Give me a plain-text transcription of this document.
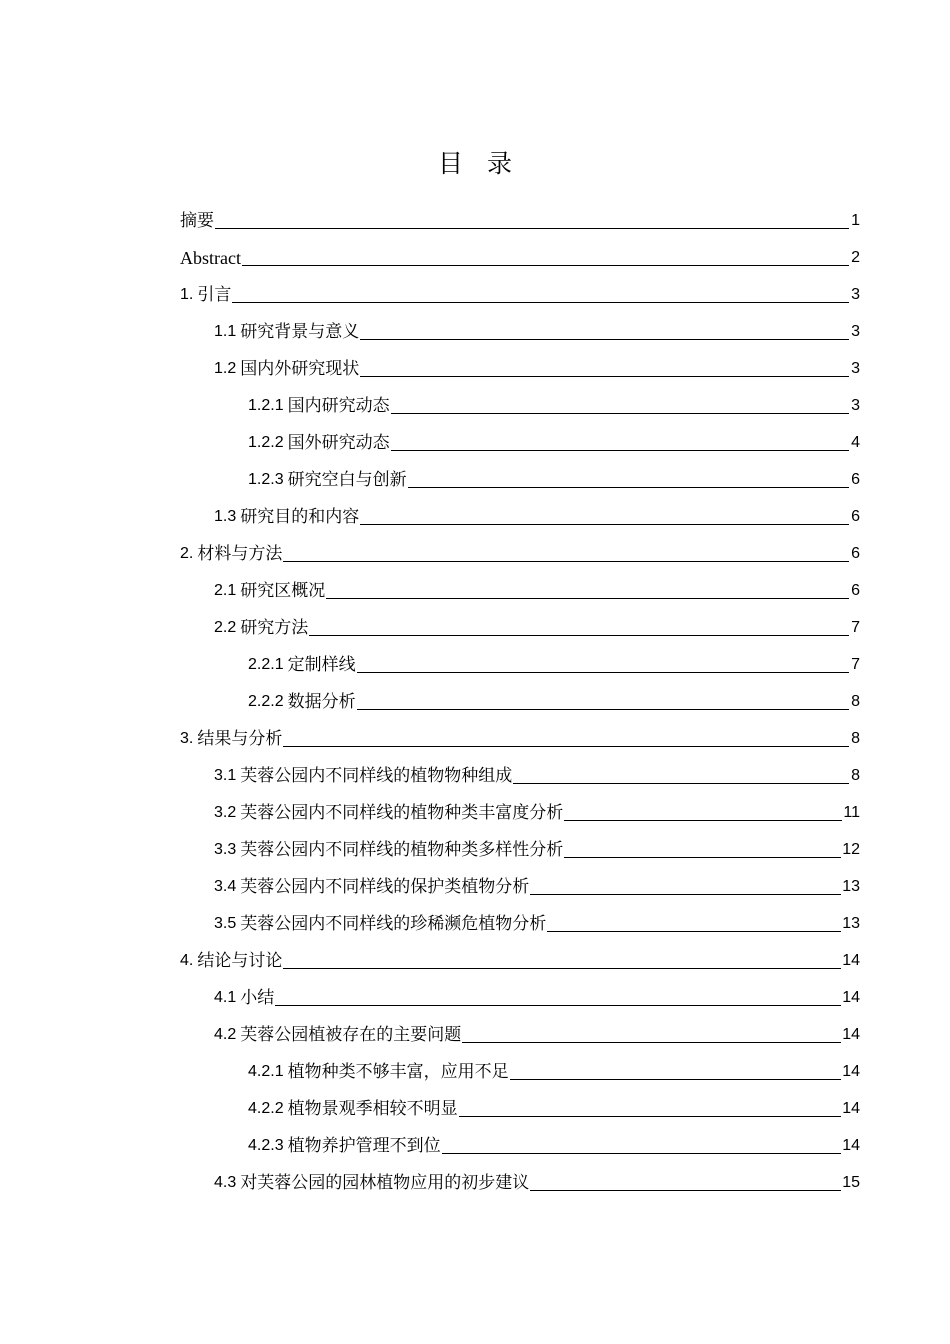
目录
摘要	1
Abstract	2
1. 引言	3
1.1 研究背景与意义	3
1.2 国内外研究现状	3
1.2.1 国内研究动态	3
1.2.2 国外研究动态	4
1.2.3 研究空白与创新	6
1.3 研究目的和内容	6
2. 材料与方法	6
2.1 研究区概况	6
2.2 研究方法	7
2.2.1 定制样线	7
2.2.2 数据分析	8
3. 结果与分析	8
3.1 芙蓉公园内不同样线的植物物种组成	8
3.2 芙蓉公园内不同样线的植物种类丰富度分析	11
3.3 芙蓉公园内不同样线的植物种类多样性分析	12
3.4 芙蓉公园内不同样线的保护类植物分析	13
3.5 芙蓉公园内不同样线的珍稀濒危植物分析	13
4. 结论与讨论	14
4.1 小结	14
4.2 芙蓉公园植被存在的主要问题	14
4.2.1 植物种类不够丰富，应用不足	14
4.2.2 植物景观季相较不明显	14
4.2.3 植物养护管理不到位	14
4.3 对芙蓉公园的园林植物应用的初步建议	15
